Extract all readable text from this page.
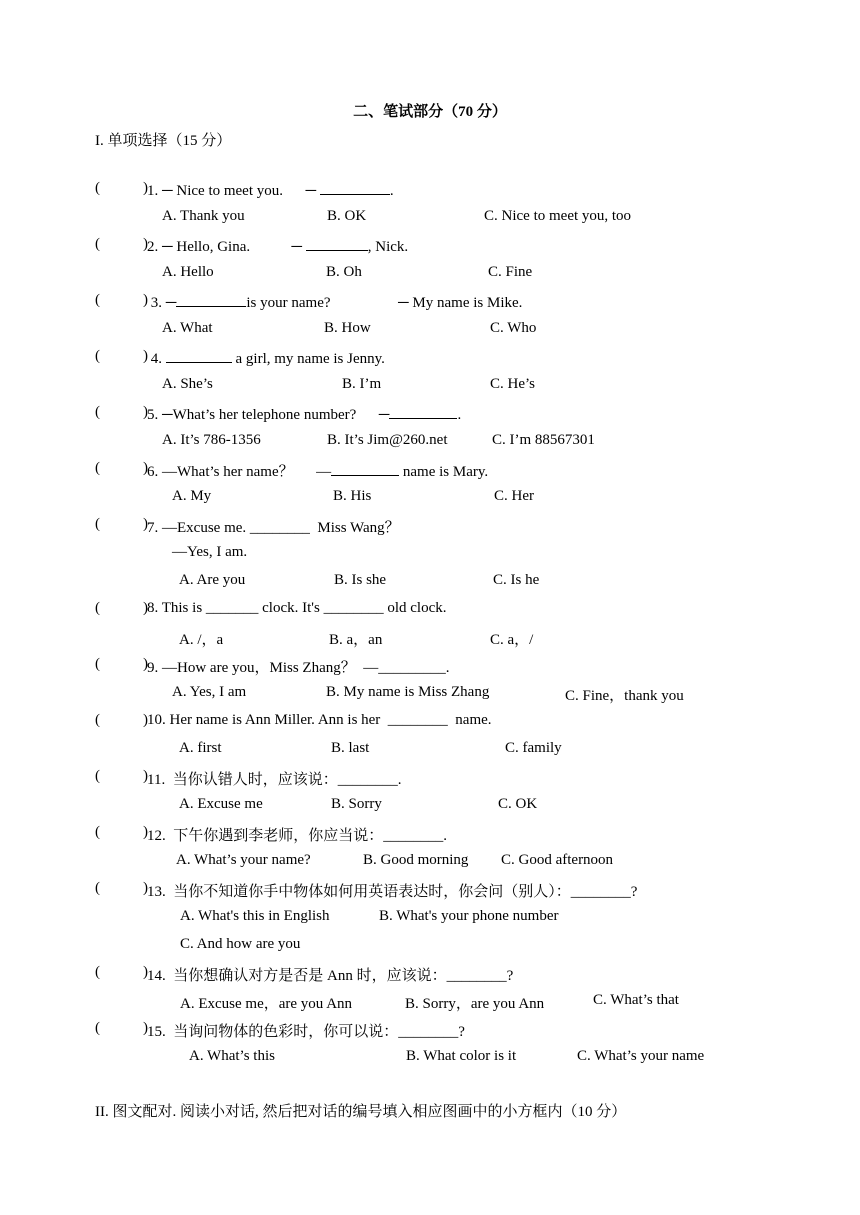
二、笔试部分（70 分）
I. 单项选择（15 分）
(	) 1. ─ Nice to meet you.      ─	.
A. Thank you	B. OK	C. Nice to meet you, too
(	) 2. ─ Hello, Gina.           ─	, Nick.
A. Hello	B. Oh	C. Fine
(	) 3. ─	is your name?                  ─ My name is Mike.
A. What	B. How	C. Who
(	) 4.	a girl, my name is Jenny.
A. She’s	B. I’m	C. He’s
(	) 5. ─What’s her telephone number?      ─	.
A. It’s 786-1356	B. It’s Jim@260.net	C. I’m 88567301
(	) 6. —What’s her name？      —	name is Mary.
A. My	B. His	C. Her
(	) 7. —Excuse me. ________  Miss Wang？
—Yes, I am.
A. Are you	B. Is she	C. Is he
(	) 8. This is _______ clock. It's ________ old clock.
A. /，a	B. a，an	C. a，/
(	) 9. —How are you，Miss Zhang？  —_________.
A. Yes, I am	B. My name is Miss Zhang	C. Fine，thank you
(	) 10. Her name is Ann Miller. Ann is her  ________  name.
A. first	B. last	C. family
(	) 11.  当你认错人时，应该说：________.
A. Excuse me	B. Sorry	C. OK
(	) 12.  下午你遇到李老师，你应当说：________.
A. What’s your name?	B. Good morning C. Good afternoon
(	) 13.  当你不知道你手中物体如何用英语表达时，你会问（别人）：________?
A. What's this in English	B. What's your phone number
C. And how are you
(	) 14.  当你想确认对方是否是 Ann 时，应该说：________?
A. Excuse me，are you Ann	B. Sorry，are you Ann	C. What’s that
(	) 15.  当询问物体的色彩时，你可以说：________?
A. What’s this	B. What color is it	C. What’s your name
II. 图文配对. 阅读小对话, 然后把对话的编号填入相应图画中的小方框内（10 分）
